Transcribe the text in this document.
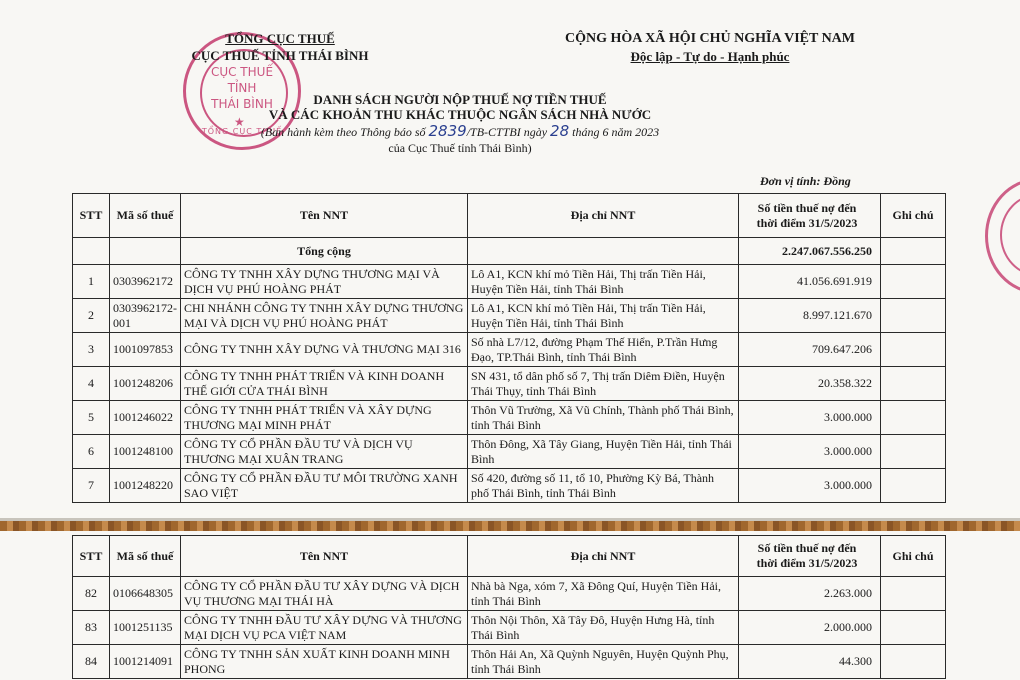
CỤC THUẾ
TỈNH
THÁI BÌNH
★
TỔNG CỤC THUẾ
TỔNG CỤC THUẾ
CỤC THUẾ TỈNH THÁI BÌNH
CỘNG HÒA XÃ HỘI CHỦ NGHĨA VIỆT NAM
Độc lập - Tự do - Hạnh phúc
DANH SÁCH NGƯỜI NỘP THUẾ NỢ TIỀN THUẾ
VÀ CÁC KHOẢN THU KHÁC THUỘC NGÂN SÁCH NHÀ NƯỚC
(Ban hành kèm theo Thông báo số 2839/TB-CTTBI ngày 28 tháng 6 năm 2023
của Cục Thuế tỉnh Thái Bình)
Đơn vị tính: Đồng
STT	Mã số thuế	Tên NNT	Địa chỉ NNT	Số tiền thuế nợ đến
thời điểm 31/5/2023	Ghi chú
		Tổng cộng		2.247.067.556.250	
1	0303962172	CÔNG TY TNHH XÂY DỰNG THƯƠNG MẠI VÀ DỊCH VỤ PHÚ HOÀNG PHÁT	Lô A1, KCN khí mỏ Tiền Hải, Thị trấn Tiền Hải, Huyện Tiền Hải, tỉnh Thái Bình	41.056.691.919	
2	0303962172-001	CHI NHÁNH CÔNG TY TNHH XÂY DỰNG THƯƠNG MẠI VÀ DỊCH VỤ PHÚ HOÀNG PHÁT	Lô A1, KCN khí mỏ Tiền Hải, Thị trấn Tiền Hải, Huyện Tiền Hải, tỉnh Thái Bình	8.997.121.670	
3	1001097853	CÔNG TY TNHH XÂY DỰNG VÀ THƯƠNG MẠI 316	Số nhà L7/12, đường Phạm Thế Hiển, P.Trần Hưng Đạo, TP.Thái Bình, tỉnh Thái Bình	709.647.206	
4	1001248206	CÔNG TY TNHH PHÁT TRIỂN VÀ KINH DOANH THẾ GIỚI CỬA THÁI BÌNH	SN 431, tổ dân phố số 7, Thị trấn Diêm Điền, Huyện Thái Thụy, tỉnh Thái Bình	20.358.322	
5	1001246022	CÔNG TY TNHH PHÁT TRIỂN VÀ XÂY DỰNG THƯƠNG MẠI MINH PHÁT	Thôn Vũ Trường, Xã Vũ Chính, Thành phố Thái Bình, tỉnh Thái Bình	3.000.000	
6	1001248100	CÔNG TY CỔ PHẦN ĐẦU TƯ VÀ DỊCH VỤ THƯƠNG MẠI XUÂN TRANG	Thôn Đông, Xã Tây Giang, Huyện Tiền Hải, tỉnh Thái Bình	3.000.000	
7	1001248220	CÔNG TY CỔ PHẦN ĐẦU TƯ MÔI TRƯỜNG XANH SAO VIỆT	Số 420, đường số 11, tổ 10, Phường Kỳ Bá, Thành phố Thái Bình, tỉnh Thái Bình	3.000.000	
STT	Mã số thuế	Tên NNT	Địa chỉ NNT	Số tiền thuế nợ đến
thời điểm 31/5/2023	Ghi chú
82	0106648305	CÔNG TY CỔ PHẦN ĐẦU TƯ XÂY DỰNG VÀ DỊCH VỤ THƯƠNG MẠI THÁI HÀ	Nhà bà Nga, xóm 7, Xã Đông Quí, Huyện Tiền Hải, tỉnh Thái Bình	2.263.000	
83	1001251135	CÔNG TY TNHH ĐẦU TƯ XÂY DỰNG VÀ THƯƠNG MẠI DỊCH VỤ PCA VIỆT NAM	Thôn Nội Thôn, Xã Tây Đô, Huyện Hưng Hà, tỉnh Thái Bình	2.000.000	
84	1001214091	CÔNG TY TNHH SẢN XUẤT KINH DOANH MINH PHONG	Thôn Hải An, Xã Quỳnh Nguyên, Huyện Quỳnh Phụ, tỉnh Thái Bình	44.300	
